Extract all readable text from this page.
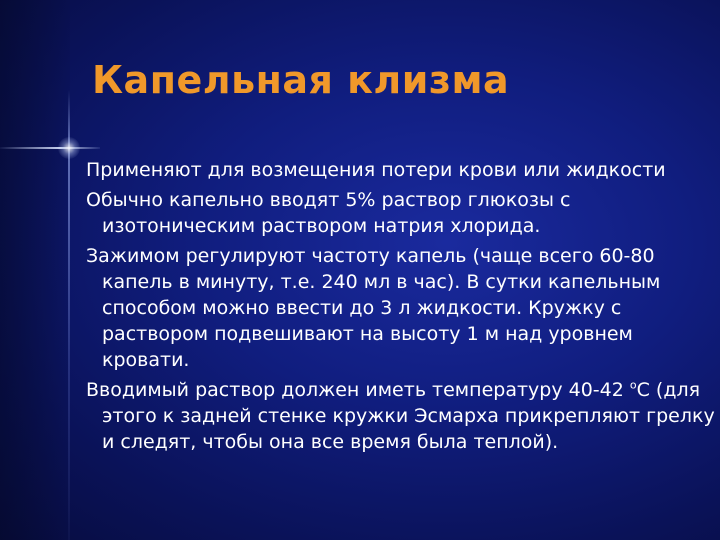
Капельная клизма
Применяют для возмещения потери крови или жидкости
Обычно капельно вводят 5% раствор глюкозы с изотоническим раствором натрия хлорида.
Зажимом регулируют частоту капель (чаще всего 60-80 капель в минуту, т.е. 240 мл в час). В сутки капельным способом можно ввести до 3 л жидкости. Кружку с раствором подвешивают на высоту 1 м над уровнем кровати.
Вводимый раствор должен иметь температуру 40-42 $^о$С (для этого к задней стенке кружки Эсмарха прикрепляют грелку и следят, чтобы она все время была теплой).
